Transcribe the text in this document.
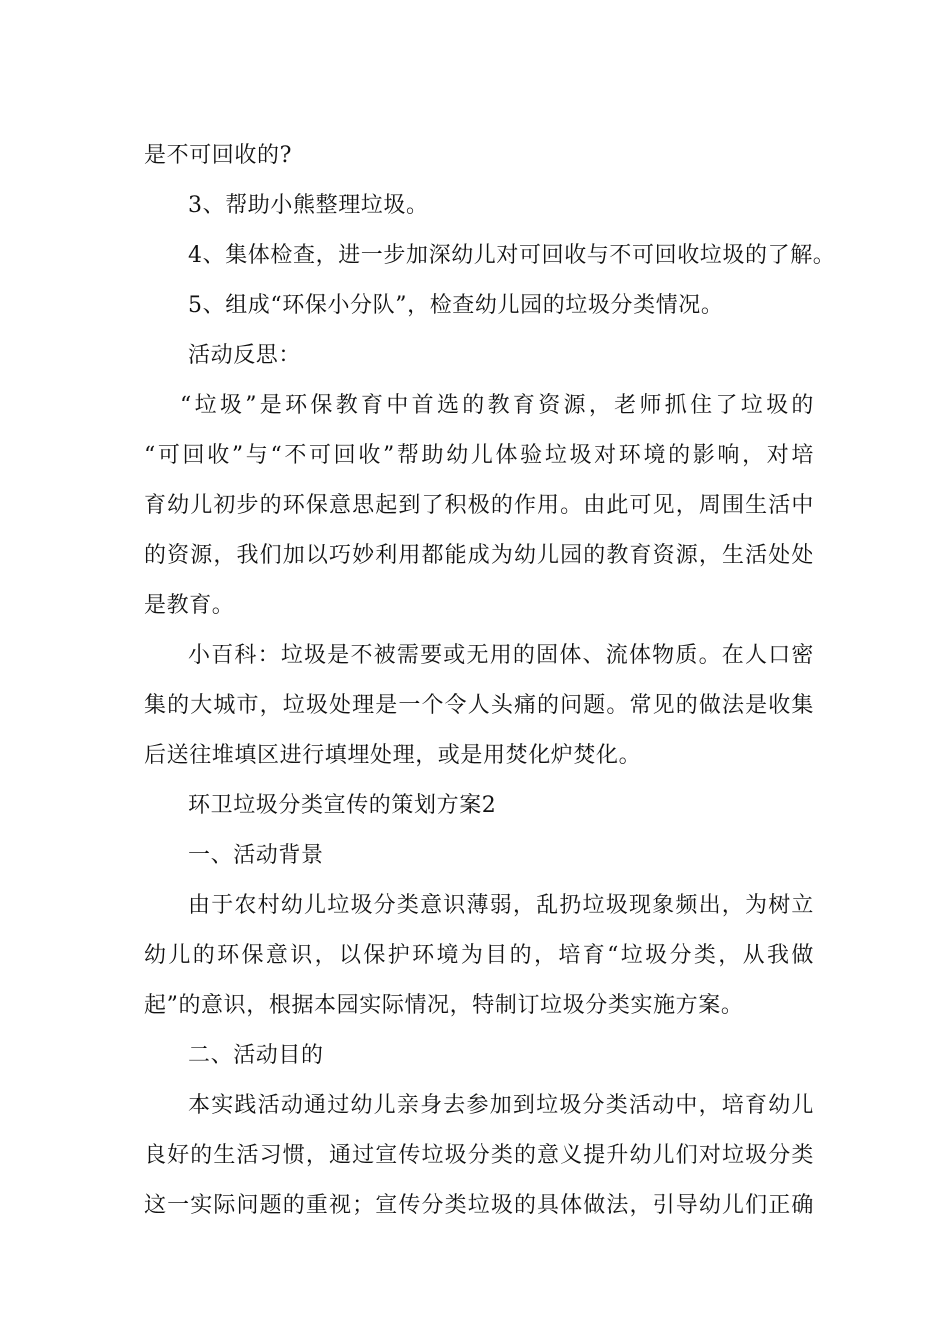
是不可回收的?
3、帮助小熊整理垃圾。
4、集体检查，进一步加深幼儿对可回收与不可回收垃圾的了解。
5、组成“环保小分队”，检查幼儿园的垃圾分类情况。
活动反思：
“垃圾”是环保教育中首选的教育资源，老师抓住了垃圾的
“可回收”与“不可回收”帮助幼儿体验垃圾对环境的影响，对培
育幼儿初步的环保意思起到了积极的作用。由此可见，周围生活中
的资源，我们加以巧妙利用都能成为幼儿园的教育资源，生活处处
是教育。
小百科：垃圾是不被需要或无用的固体、流体物质。在人口密
集的大城市，垃圾处理是一个令人头痛的问题。常见的做法是收集
后送往堆填区进行填埋处理，或是用焚化炉焚化。
环卫垃圾分类宣传的策划方案2
一、活动背景
由于农村幼儿垃圾分类意识薄弱，乱扔垃圾现象频出，为树立
幼儿的环保意识，以保护环境为目的，培育“垃圾分类，从我做
起”的意识，根据本园实际情况，特制订垃圾分类实施方案。
二、活动目的
本实践活动通过幼儿亲身去参加到垃圾分类活动中，培育幼儿
良好的生活习惯，通过宣传垃圾分类的意义提升幼儿们对垃圾分类
这一实际问题的重视；宣传分类垃圾的具体做法，引导幼儿们正确
